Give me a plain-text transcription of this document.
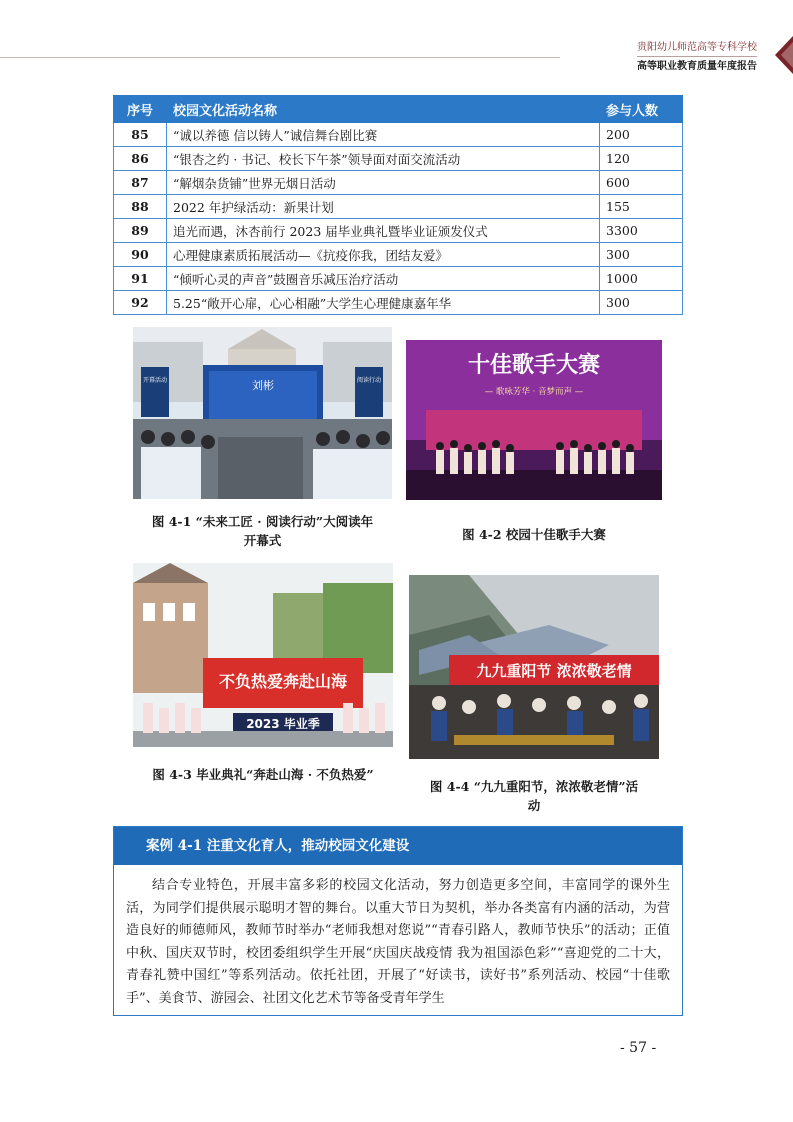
贵阳幼儿师范高等专科学校
高等职业教育质量年度报告
序号	校园文化活动名称	参与人数
85	“诚以养德 信以铸人”诚信舞台剧比赛	200
86	“银杏之约 · 书记、校长下午茶”领导面对面交流活动	120
87	“解烟杂货铺”世界无烟日活动	600
88	2022 年护绿活动：新果计划	155
89	追光而遇，沐杏前行 2023 届毕业典礼暨毕业证颁发仪式	3300
90	心理健康素质拓展活动—《抗疫你我，团结友爱》	300
91	“倾听心灵的声音”鼓圈音乐减压治疗活动	1000
92	5.25“敞开心扉，心心相融”大学生心理健康嘉年华	300
刘彬
开幕活动	阅读行动
图 4-1 “未来工匠 · 阅读行动”大阅读年
开幕式
十佳歌手大赛
— 歌咏芳华 · 音梦而声 —
图 4-2 校园十佳歌手大赛
不负热爱奔赴山海
2023 毕业季
图 4-3 毕业典礼“奔赴山海 · 不负热爱”
九九重阳节 浓浓敬老情
图 4-4 “九九重阳节，浓浓敬老情”活
动
案例 4-1 注重文化育人，推动校园文化建设
结合专业特色，开展丰富多彩的校园文化活动，努力创造更多空间，丰富同学的课外生活，为同学们提供展示聪明才智的舞台。以重大节日为契机，举办各类富有内涵的活动，为营造良好的师德师风，教师节时举办“老师我想对您说”“青春引路人，教师节快乐”的活动；正值中秋、国庆双节时，校团委组织学生开展“庆国庆战疫情 我为祖国添色彩”“喜迎党的二十大，青春礼赞中国红”等系列活动。依托社团，开展了“好读书，读好书”系列活动、校园“十佳歌手”、美食节、游园会、社团文化艺术节等备受青年学生
- 57 -
